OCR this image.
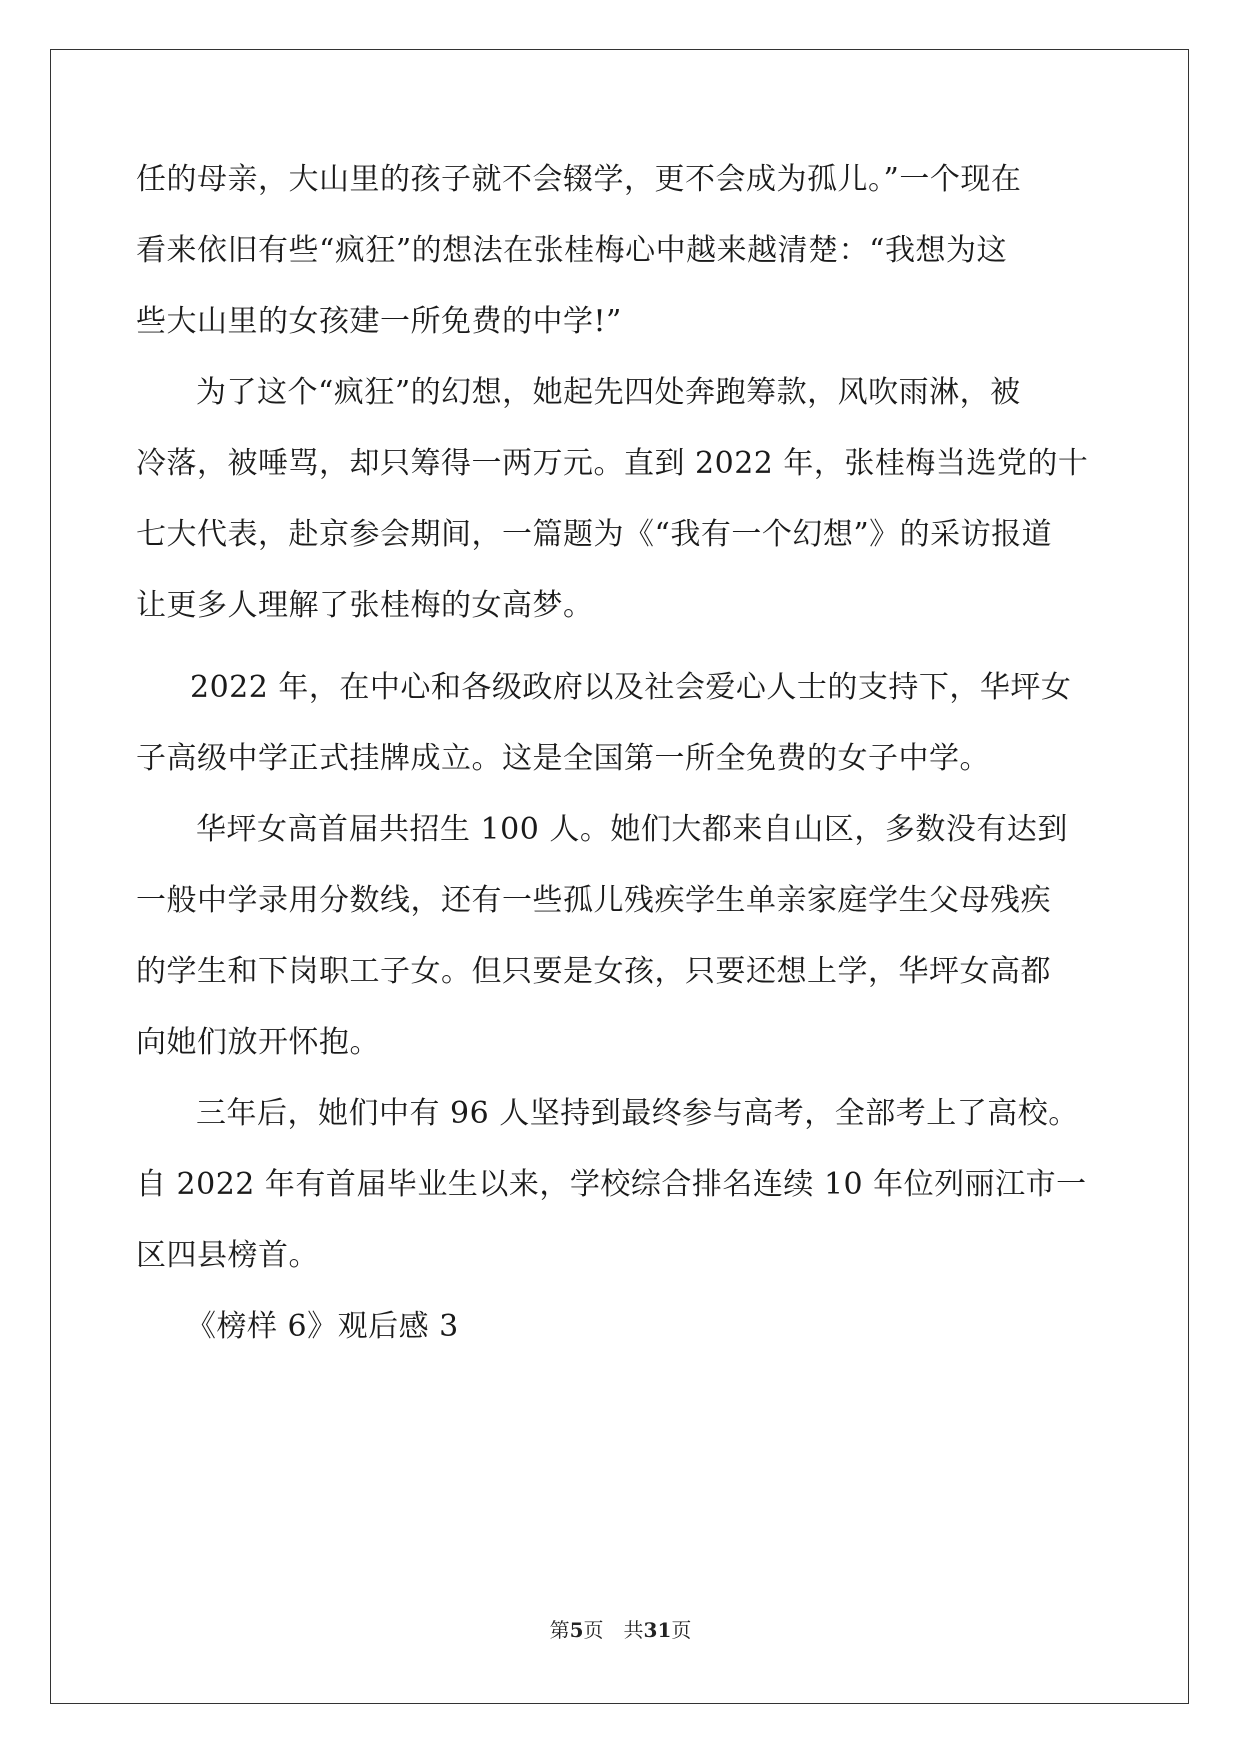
任的母亲，大山里的孩子就不会辍学，更不会成为孤儿。”一个现在
看来依旧有些“疯狂”的想法在张桂梅心中越来越清楚：“我想为这
些大山里的女孩建一所免费的中学!”
为了这个“疯狂”的幻想，她起先四处奔跑筹款，风吹雨淋，被
冷落，被唾骂，却只筹得一两万元。直到 2022 年，张桂梅当选党的十
七大代表，赴京参会期间，一篇题为《“我有一个幻想”》的采访报道
让更多人理解了张桂梅的女高梦。
2022 年，在中心和各级政府以及社会爱心人士的支持下，华坪女
子高级中学正式挂牌成立。这是全国第一所全免费的女子中学。
华坪女高首届共招生 100 人。她们大都来自山区，多数没有达到
一般中学录用分数线，还有一些孤儿残疾学生单亲家庭学生父母残疾
的学生和下岗职工子女。但只要是女孩，只要还想上学，华坪女高都
向她们放开怀抱。
三年后，她们中有 96 人坚持到最终参与高考，全部考上了高校。
自 2022 年有首届毕业生以来，学校综合排名连续 10 年位列丽江市一
区四县榜首。
《榜样 6》观后感 3
第5页　共31页
